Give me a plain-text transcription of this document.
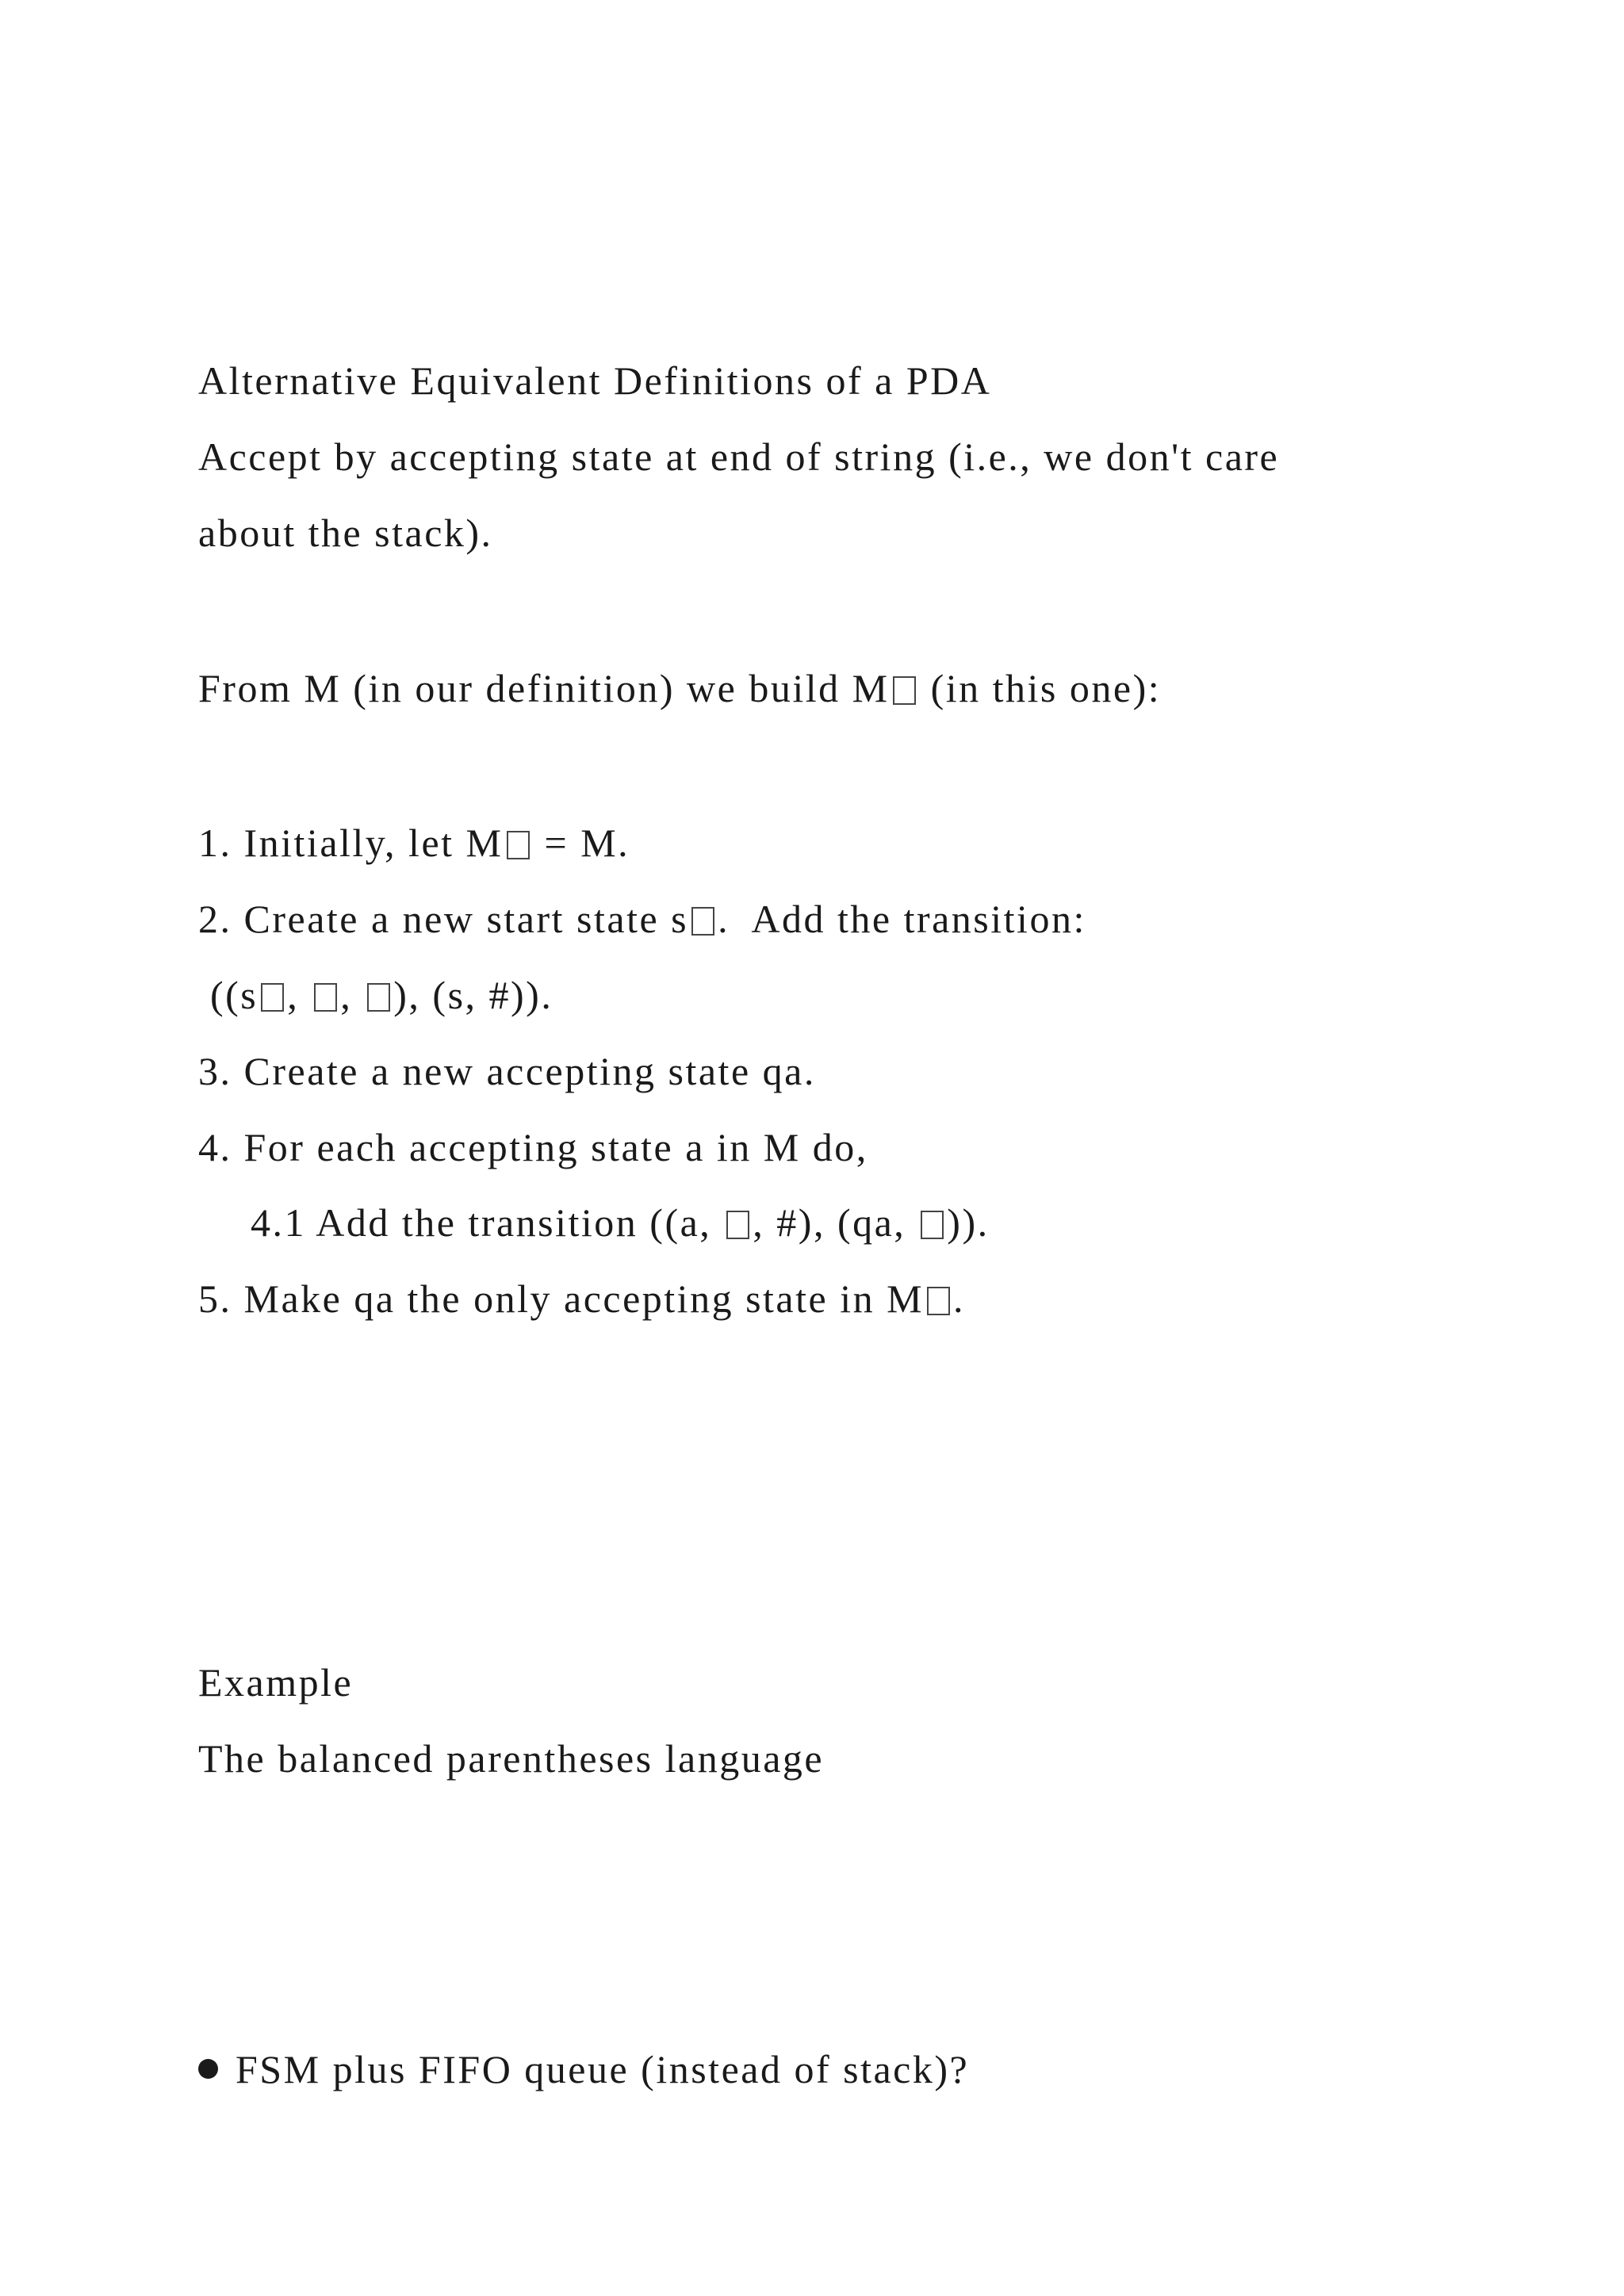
Alternative Equivalent Definitions of a PDA
Accept by accepting state at end of string (i.e., we don't care
about the stack).
From M (in our definition) we build M (in this one):
1. Initially, let M = M.
2. Create a new start state s .  Add the transition:
((s , , ), (s, #)).
3. Create a new accepting state qa.
4. For each accepting state a in M do,
4.1 Add the transition ((a, , #), (qa, )).
5. Make qa the only accepting state in M .
Example
The balanced parentheses language
FSM plus FIFO queue (instead of stack)?
